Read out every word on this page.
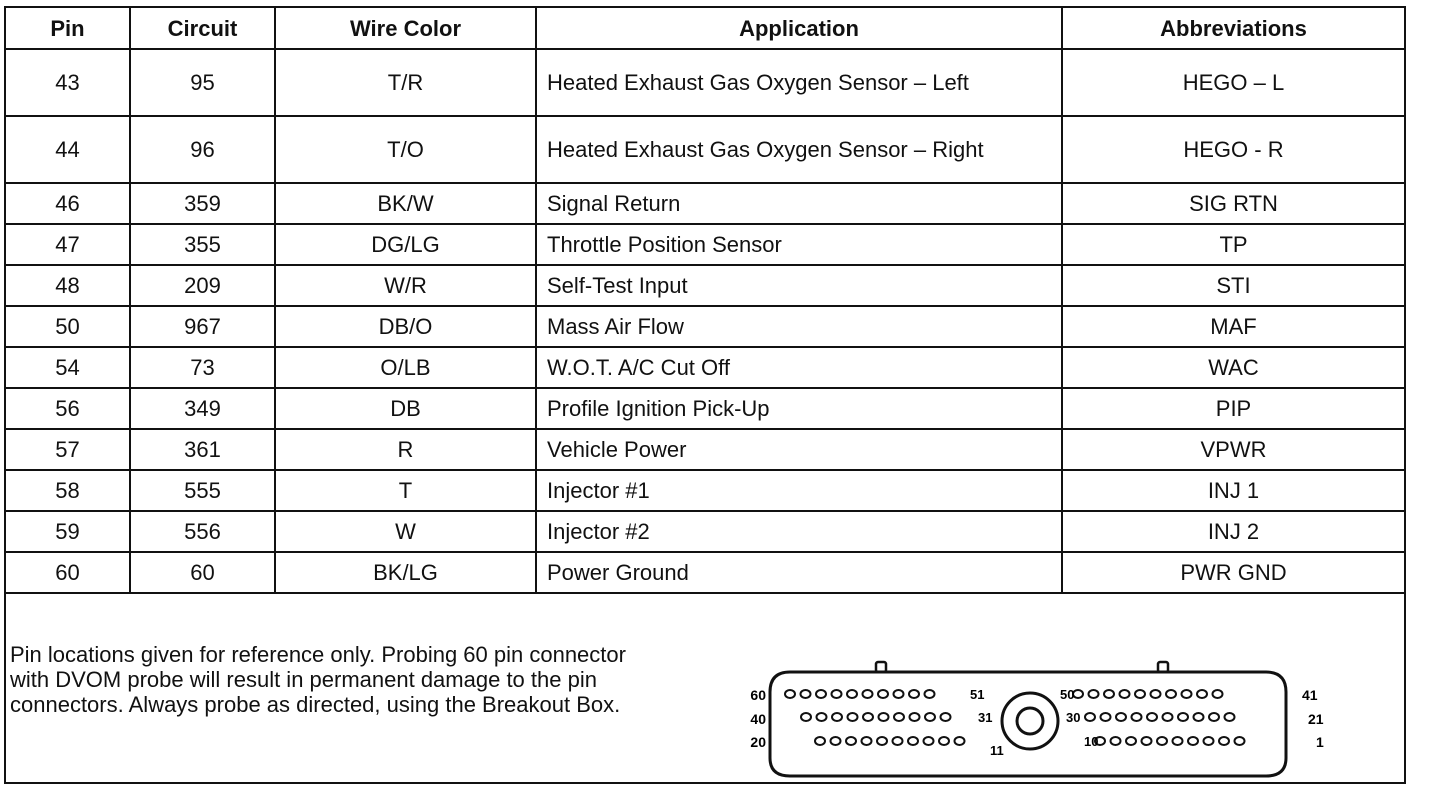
Pin	Circuit	Wire Color	Application	Abbreviations
43	95	T/R	Heated Exhaust Gas Oxygen Sensor – Left	HEGO – L
44	96	T/O	Heated Exhaust Gas Oxygen Sensor – Right	HEGO - R
46	359	BK/W	Signal Return	SIG RTN
47	355	DG/LG	Throttle Position Sensor	TP
48	209	W/R	Self-Test Input	STI
50	967	DB/O	Mass Air Flow	MAF
54	73	O/LB	W.O.T. A/C Cut Off	WAC
56	349	DB	Profile Ignition Pick-Up	PIP
57	361	R	Vehicle Power	VPWR
58	555	T	Injector #1	INJ 1
59	556	W	Injector #2	INJ 2
60	60	BK/LG	Power Ground	PWR GND

Pin locations given for reference only. Probing 60 pin connector with DVOM probe will result in permanent damage to the pin connectors. Always probe as directed, using the Breakout Box.	60
40
20
41
21
1
51
31
11
50
30
10
